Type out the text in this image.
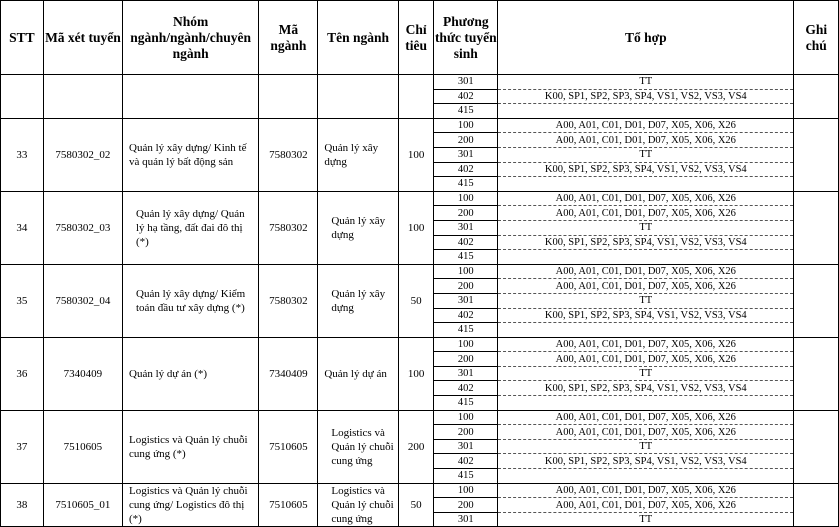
STT	Mã xét tuyển	Nhóm ngành/ngành/chuyên ngành	Mã ngành	Tên ngành	Chỉ tiêu	Phương thức tuyển sinh	Tổ hợp	Ghi chú
						301	TT	
						402	K00, SP1, SP2, SP3, SP4, VS1, VS2, VS3, VS4	
						415		
33	7580302_02	Quản lý xây dựng/ Kinh tế và quản lý bất động sản	7580302	Quản lý xây dựng	100	100	A00, A01, C01, D01, D07, X05, X06, X26	
						200	A00, A01, C01, D01, D07, X05, X06, X26	
						301	TT	
						402	K00, SP1, SP2, SP3, SP4, VS1, VS2, VS3, VS4	
						415		
34	7580302_03	Quản lý xây dựng/ Quản lý hạ tầng, đất đai đô thị (*)	7580302	Quản lý xây dựng	100	100	A00, A01, C01, D01, D07, X05, X06, X26	
						200	A00, A01, C01, D01, D07, X05, X06, X26	
						301	TT	
						402	K00, SP1, SP2, SP3, SP4, VS1, VS2, VS3, VS4	
						415		
35	7580302_04	Quản lý xây dựng/ Kiểm toán đầu tư xây dựng (*)	7580302	Quản lý xây dựng	50	100	A00, A01, C01, D01, D07, X05, X06, X26	
						200	A00, A01, C01, D01, D07, X05, X06, X26	
						301	TT	
						402	K00, SP1, SP2, SP3, SP4, VS1, VS2, VS3, VS4	
						415		
36	7340409	Quản lý dự án (*)	7340409	Quản lý dự án	100	100	A00, A01, C01, D01, D07, X05, X06, X26	
						200	A00, A01, C01, D01, D07, X05, X06, X26	
						301	TT	
						402	K00, SP1, SP2, SP3, SP4, VS1, VS2, VS3, VS4	
						415		
37	7510605	Logistics và Quản lý chuỗi cung ứng (*)	7510605	Logistics và Quản lý chuỗi cung ứng	200	100	A00, A01, C01, D01, D07, X05, X06, X26	
						200	A00, A01, C01, D01, D07, X05, X06, X26	
						301	TT	
						402	K00, SP1, SP2, SP3, SP4, VS1, VS2, VS3, VS4	
						415		
38	7510605_01	Logistics và Quản lý chuỗi cung ứng/ Logistics đô thị (*)	7510605	Logistics và Quản lý chuỗi cung ứng	50	100	A00, A01, C01, D01, D07, X05, X06, X26	
						200	A00, A01, C01, D01, D07, X05, X06, X26	
						301	TT	
